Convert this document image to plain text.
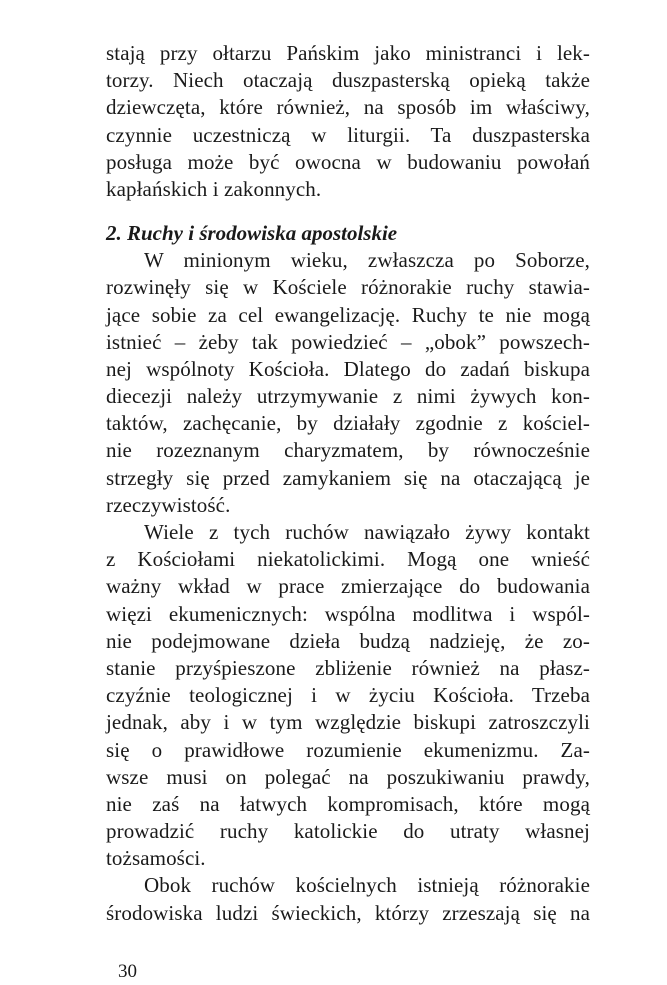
stają przy ołtarzu Pańskim jako ministranci i lek-
torzy. Niech otaczają duszpasterską opieką także
dziewczęta, które również, na sposób im właściwy,
czynnie uczestniczą w liturgii. Ta duszpasterska
posługa może być owocna w budowaniu powołań
kapłańskich i zakonnych.
2. Ruchy i środowiska apostolskie
W minionym wieku, zwłaszcza po Soborze,
rozwinęły się w Kościele różnorakie ruchy stawia-
jące sobie za cel ewangelizację. Ruchy te nie mogą
istnieć – żeby tak powiedzieć – „obok” powszech-
nej wspólnoty Kościoła. Dlatego do zadań biskupa
diecezji należy utrzymywanie z nimi żywych kon-
taktów, zachęcanie, by działały zgodnie z kościel-
nie rozeznanym charyzmatem, by równocześnie
strzegły się przed zamykaniem się na otaczającą je
rzeczywistość.
Wiele z tych ruchów nawiązało żywy kontakt
z Kościołami niekatolickimi. Mogą one wnieść
ważny wkład w prace zmierzające do budowania
więzi ekumenicznych: wspólna modlitwa i wspól-
nie podejmowane dzieła budzą nadzieję, że zo-
stanie przyśpieszone zbliżenie również na płasz-
czyźnie teologicznej i w życiu Kościoła. Trzeba
jednak, aby i w tym względzie biskupi zatroszczyli
się o prawidłowe rozumienie ekumenizmu. Za-
wsze musi on polegać na poszukiwaniu prawdy,
nie zaś na łatwych kompromisach, które mogą
prowadzić ruchy katolickie do utraty własnej
tożsamości.
Obok ruchów kościelnych istnieją różnorakie
środowiska ludzi świeckich, którzy zrzeszają się na
30
